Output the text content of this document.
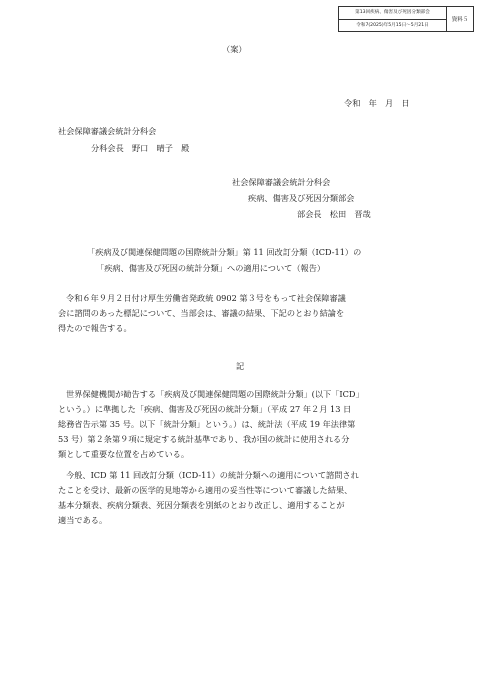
第13回疾病、傷害及び死因分類部会
令和7(2025)年5月15日〜5月21日
資料５
（案）
令和　年　月　日
社会保障審議会統計分科会
分科会長　野口　晴子　殿
社会保障審議会統計分科会
疾病、傷害及び死因分類部会
部会長　松田　晋哉
「疾病及び関連保健問題の国際統計分類」第 11 回改訂分類（ICD-11）の
「疾病、傷害及び死因の統計分類」への適用について（報告）

令和６年９月２日付け厚生労働省発政統 0902 第３号をもって社会保障審議

会に諮問のあった標記について、当部会は、審議の結果、下記のとおり結論を

得たので報告する。

記

世界保健機関が勧告する「疾病及び関連保健問題の国際統計分類」(以下「ICD」

という。）に準拠した「疾病、傷害及び死因の統計分類」（平成 27 年２月 13 日

総務省告示第 35 号。以下「統計分類」という。）は、統計法（平成 19 年法律第

53 号）第２条第９項に規定する統計基準であり、我が国の統計に使用される分

類として重要な位置を占めている。

今般、ICD 第 11 回改訂分類（ICD-11）の統計分類への適用について諮問され

たことを受け、最新の医学的見地等から適用の妥当性等について審議した結果、

基本分類表、疾病分類表、死因分類表を別紙のとおり改正し、適用することが

適当である。
